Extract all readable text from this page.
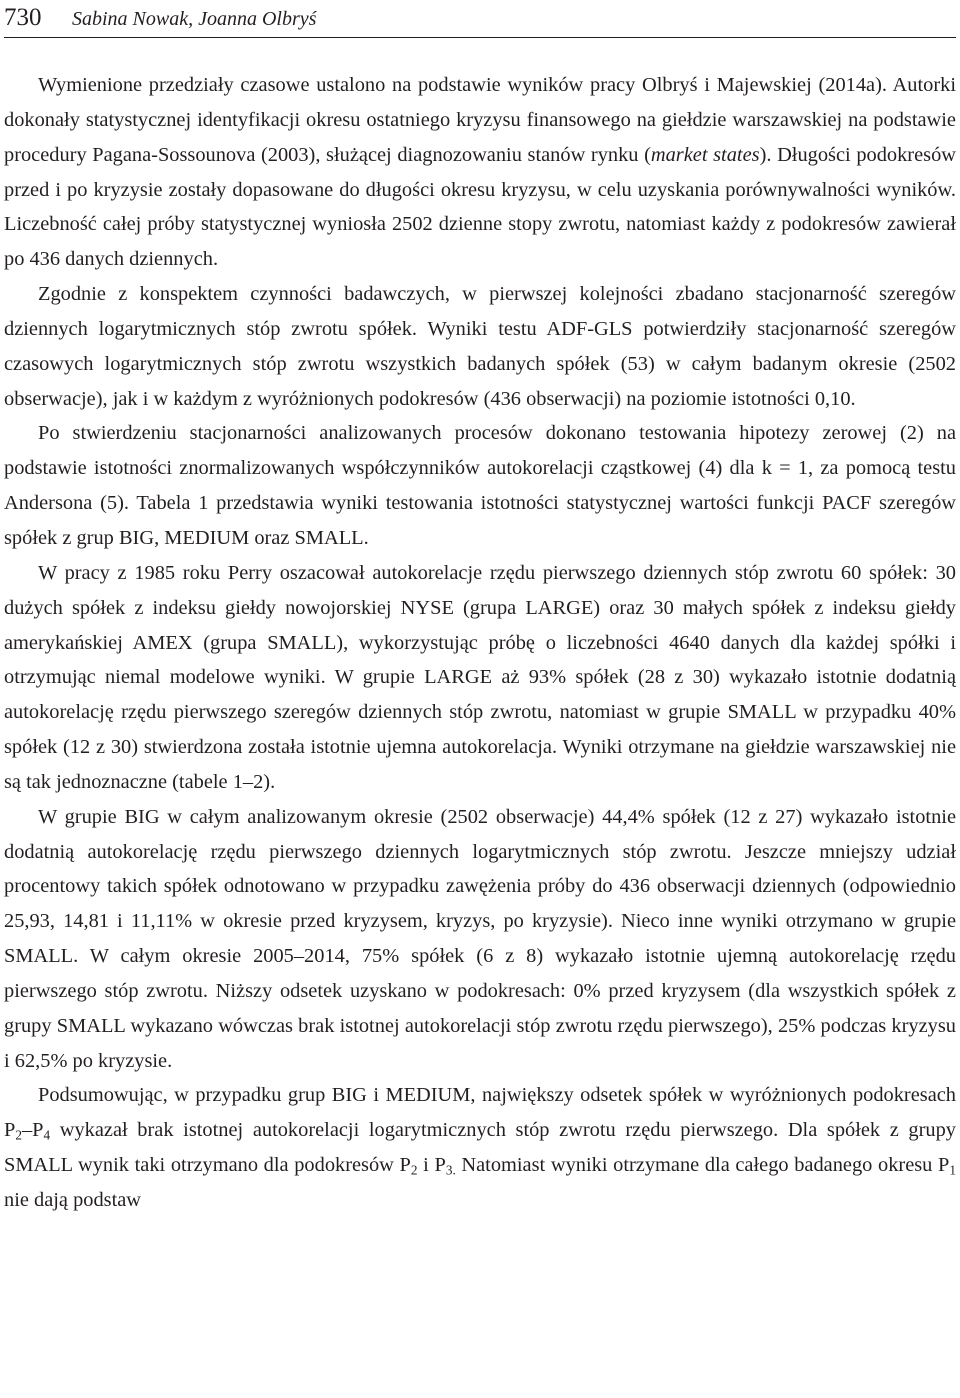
730 Sabina Nowak, Joanna Olbryś

Wymienione przedziały czasowe ustalono na podstawie wyników pracy Olbryś i Majewskiej (2014a). Autorki dokonały statystycznej identyfikacji okresu ostatniego kryzysu finansowego na giełdzie warszawskiej na podstawie procedury Pagana-Sossounova (2003), służącej diagnozowaniu stanów rynku (market states). Długości podokresów przed i po kryzysie zostały dopasowane do długości okresu kryzysu, w celu uzyskania porównywalności wyników. Liczebność całej próby statystycznej wyniosła 2502 dzienne stopy zwrotu, natomiast każdy z podokresów zawierał po 436 danych dziennych.

Zgodnie z konspektem czynności badawczych, w pierwszej kolejności zbadano stacjonarność szeregów dziennych logarytmicznych stóp zwrotu spółek. Wyniki testu ADF-GLS potwierdziły stacjonarność szeregów czasowych logarytmicznych stóp zwrotu wszystkich badanych spółek (53) w całym badanym okresie (2502 obserwacje), jak i w każdym z wyróżnionych podokresów (436 obserwacji) na poziomie istotności 0,10.

Po stwierdzeniu stacjonarności analizowanych procesów dokonano testowania hipotezy zerowej (2) na podstawie istotności znormalizowanych współczynników autokorelacji cząstkowej (4) dla k = 1, za pomocą testu Andersona (5). Tabela 1 przedstawia wyniki testowania istotności statystycznej wartości funkcji PACF szeregów spółek z grup BIG, MEDIUM oraz SMALL.

W pracy z 1985 roku Perry oszacował autokorelacje rzędu pierwszego dziennych stóp zwrotu 60 spółek: 30 dużych spółek z indeksu giełdy nowojorskiej NYSE (grupa LARGE) oraz 30 małych spółek z indeksu giełdy amerykańskiej AMEX (grupa SMALL), wykorzystując próbę o liczebności 4640 danych dla każdej spółki i otrzymując niemal modelowe wyniki. W grupie LARGE aż 93% spółek (28 z 30) wykazało istotnie dodatnią autokorelację rzędu pierwszego szeregów dziennych stóp zwrotu, natomiast w grupie SMALL w przypadku 40% spółek (12 z 30) stwierdzona została istotnie ujemna autokorelacja. Wyniki otrzymane na giełdzie warszawskiej nie są tak jednoznaczne (tabele 1–2).

W grupie BIG w całym analizowanym okresie (2502 obserwacje) 44,4% spółek (12 z 27) wykazało istotnie dodatnią autokorelację rzędu pierwszego dziennych logarytmicznych stóp zwrotu. Jeszcze mniejszy udział procentowy takich spółek odnotowano w przypadku zawężenia próby do 436 obserwacji dziennych (odpowiednio 25,93, 14,81 i 11,11% w okresie przed kryzysem, kryzys, po kryzysie). Nieco inne wyniki otrzymano w grupie SMALL. W całym okresie 2005–2014, 75% spółek (6 z 8) wykazało istotnie ujemną autokorelację rzędu pierwszego stóp zwrotu. Niższy odsetek uzyskano w podokresach: 0% przed kryzysem (dla wszystkich spółek z grupy SMALL wykazano wówczas brak istotnej autokorelacji stóp zwrotu rzędu pierwszego), 25% podczas kryzysu i 62,5% po kryzysie.

Podsumowując, w przypadku grup BIG i MEDIUM, największy odsetek spółek w wyróżnionych podokresach $P_2-P_4$ wykazał brak istotnej autokorelacji logarytmicznych stóp zwrotu rzędu pierwszego. Dla spółek z grupy SMALL wynik taki otrzymano dla podokresów $P_2$ i $P_{3.}$ Natomiast wyniki otrzymane dla całego badanego okresu $P_1$ nie dają podstaw
